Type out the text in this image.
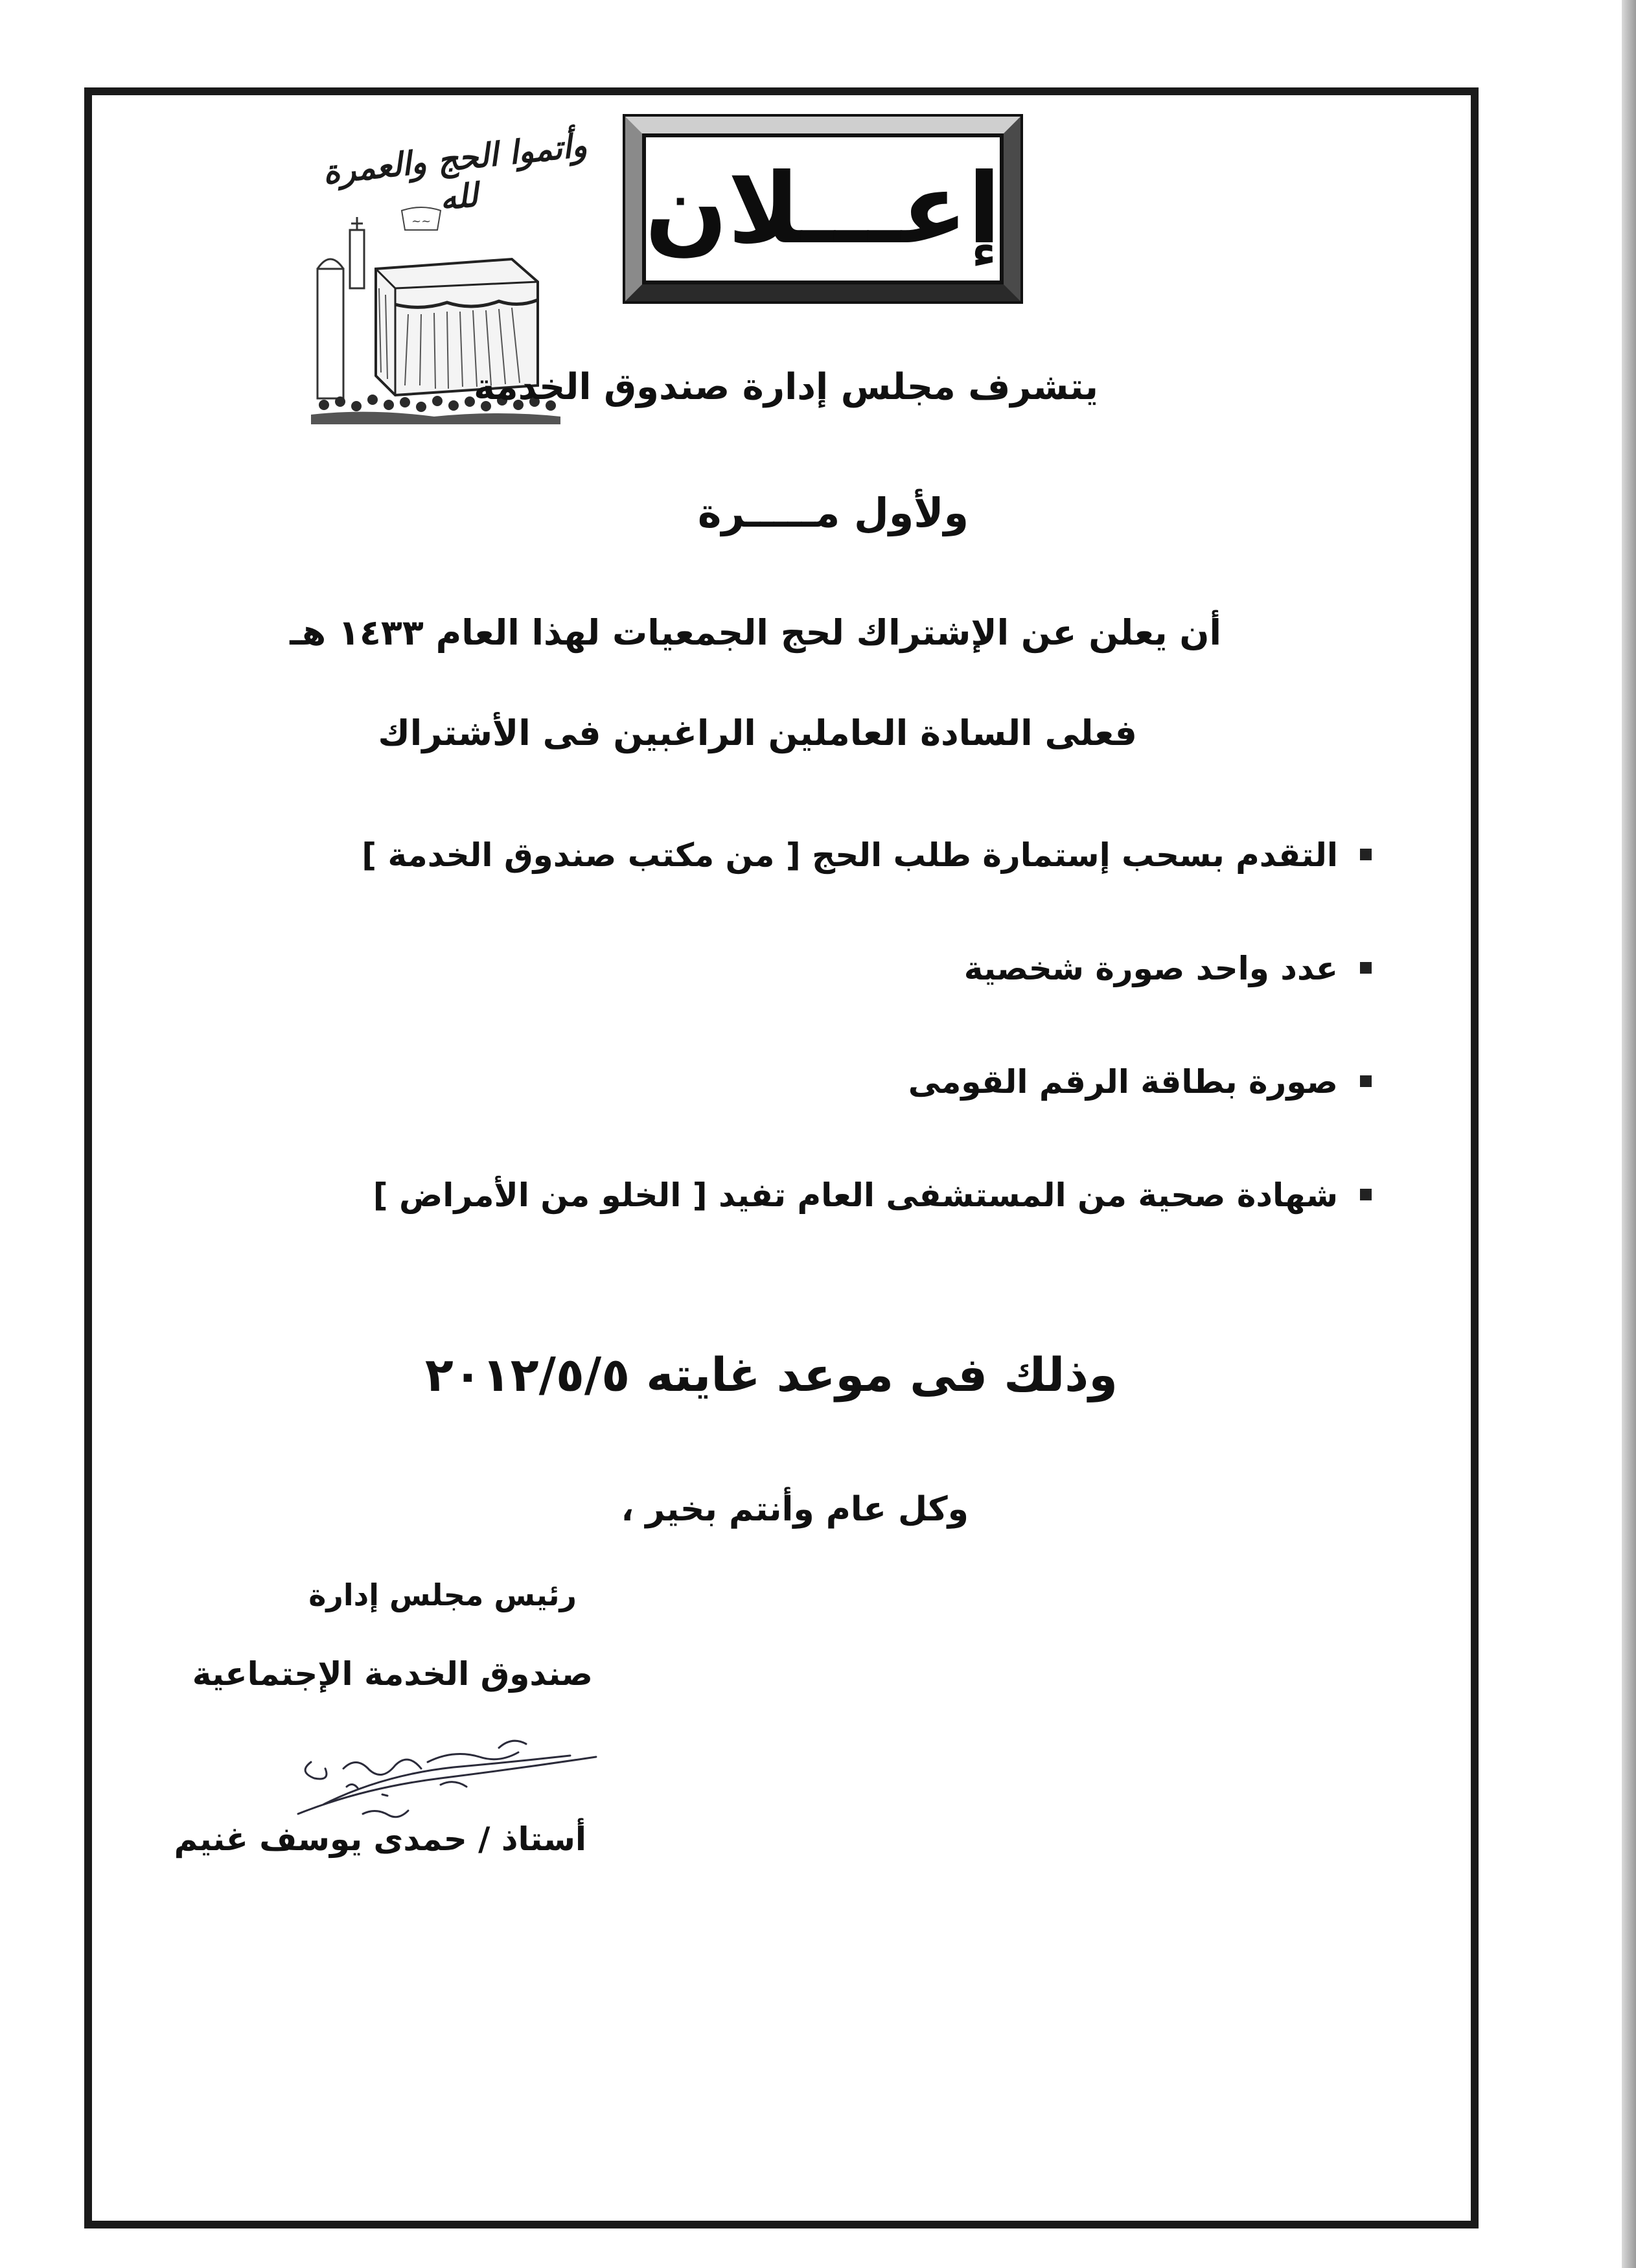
إعـــلان
وأتموا الحج والعمرة لله
~~
يتشرف مجلس إدارة صندوق الخدمة
ولأول مـــــرة
أن يعلن عن الإشتراك لحج الجمعيات لهذا العام ١٤٣٣ هـ
فعلى السادة العاملين الراغبين فى الأشتراك
التقدم بسحب إستمارة طلب الحج [ من مكتب صندوق الخدمة ]
عدد واحد صورة شخصية
صورة بطاقة الرقم القومى
شهادة صحية من المستشفى العام تفيد [ الخلو من الأمراض ]
وذلك فى موعد غايته ٢٠١٢/٥/٥
وكل عام وأنتم بخير ،
رئيس مجلس إدارة
صندوق الخدمة الإجتماعية
أستاذ / حمدى يوسف غنيم
